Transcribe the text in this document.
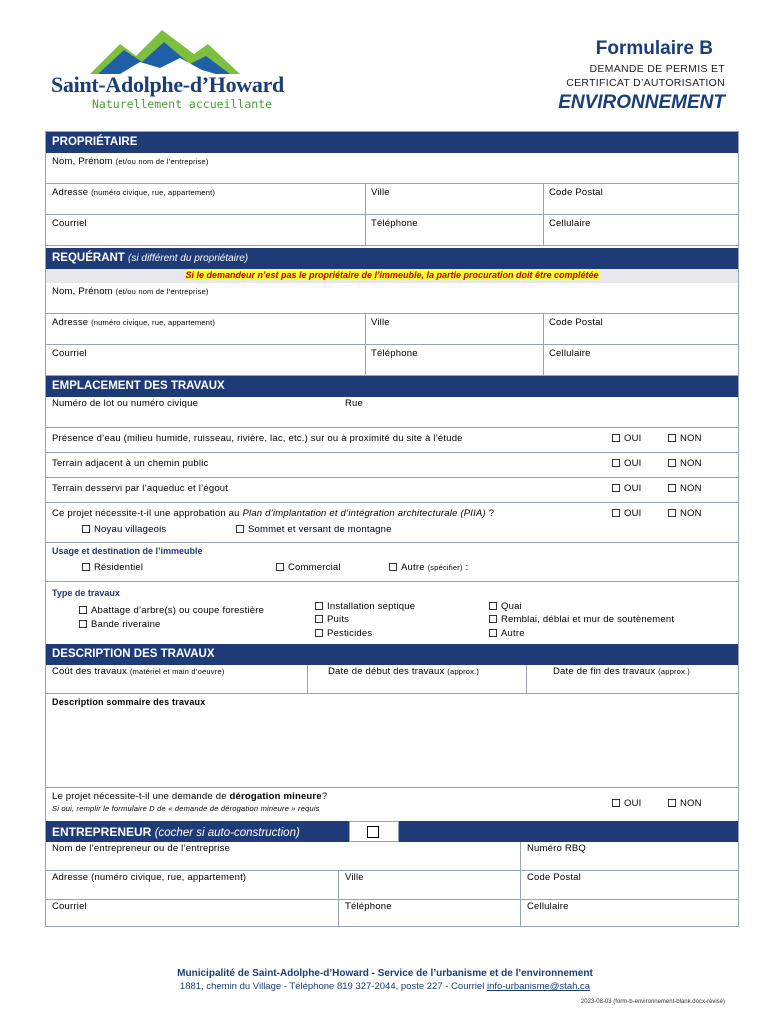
Saint-Adolphe-d’Howard
Naturellement accueillante
Formulaire B
DEMANDE DE PERMIS ET
CERTIFICAT D’AUTORISATION
ENVIRONNEMENT
PROPRIÉTAIRE
Nom, Prénom (et/ou nom de l’entreprise)
Adresse (numéro civique, rue, appartement)	Ville	Code Postal
Courriel	Téléphone	Cellulaire
REQUÉRANT (si différent du propriétaire)
Si le demandeur n’est pas le propriétaire de l’immeuble, la partie procuration doit être complétée
Nom, Prénom (et/ou nom de l’entreprise)
Adresse (numéro civique, rue, appartement)	Ville	Code Postal
Courriel	Téléphone	Cellulaire
EMPLACEMENT DES TRAVAUX
Numéro de lot ou numéro civique	Rue
Présence d’eau (milieu humide, ruisseau, rivière, lac, etc.) sur ou à proximité du site à l’étude	OUI	NON
Terrain adjacent à un chemin public	OUI	NON
Terrain desservi par l’aqueduc et l’égout	OUI	NON
Ce projet nécessite-t-il une approbation au Plan d’implantation et d’intégration architecturale (PIIA) ?	OUI	NON
Noyau villageois	Sommet et versant de montagne
Usage et destination de l’immeuble
Résidentiel	Commercial	Autre (spécifier) :
Type de travaux
Abattage d’arbre(s) ou coupe forestière
Bande riveraine
Installation septique
Puits
Pesticides
Quai
Remblai, déblai et mur de soutènement
Autre
DESCRIPTION DES TRAVAUX
Coût des travaux (matériel et main d’oeuvre)	Date de début des travaux (approx.)	Date de fin des travaux (approx.)
Description sommaire des travaux
Le projet nécessite-t-il une demande de dérogation mineure?
Si oui, remplir le formulaire D de « demande de dérogation mineure » requis	OUI	NON
ENTREPRENEUR (cocher si auto-construction)
Nom de l’entrepreneur ou de l’entreprise	Numéro RBQ
Adresse (numéro civique, rue, appartement)	Ville	Code Postal
Courriel	Téléphone	Cellulaire
Municipalité de Saint-Adolphe-d’Howard - Service de l’urbanisme et de l’environnement
1881, chemin du Village - Téléphone 819 327-2044, poste 227 - Courriel info-urbanisme@stah.ca
2023-08-03 (form-b-environnement-blank.docx-révisé)
